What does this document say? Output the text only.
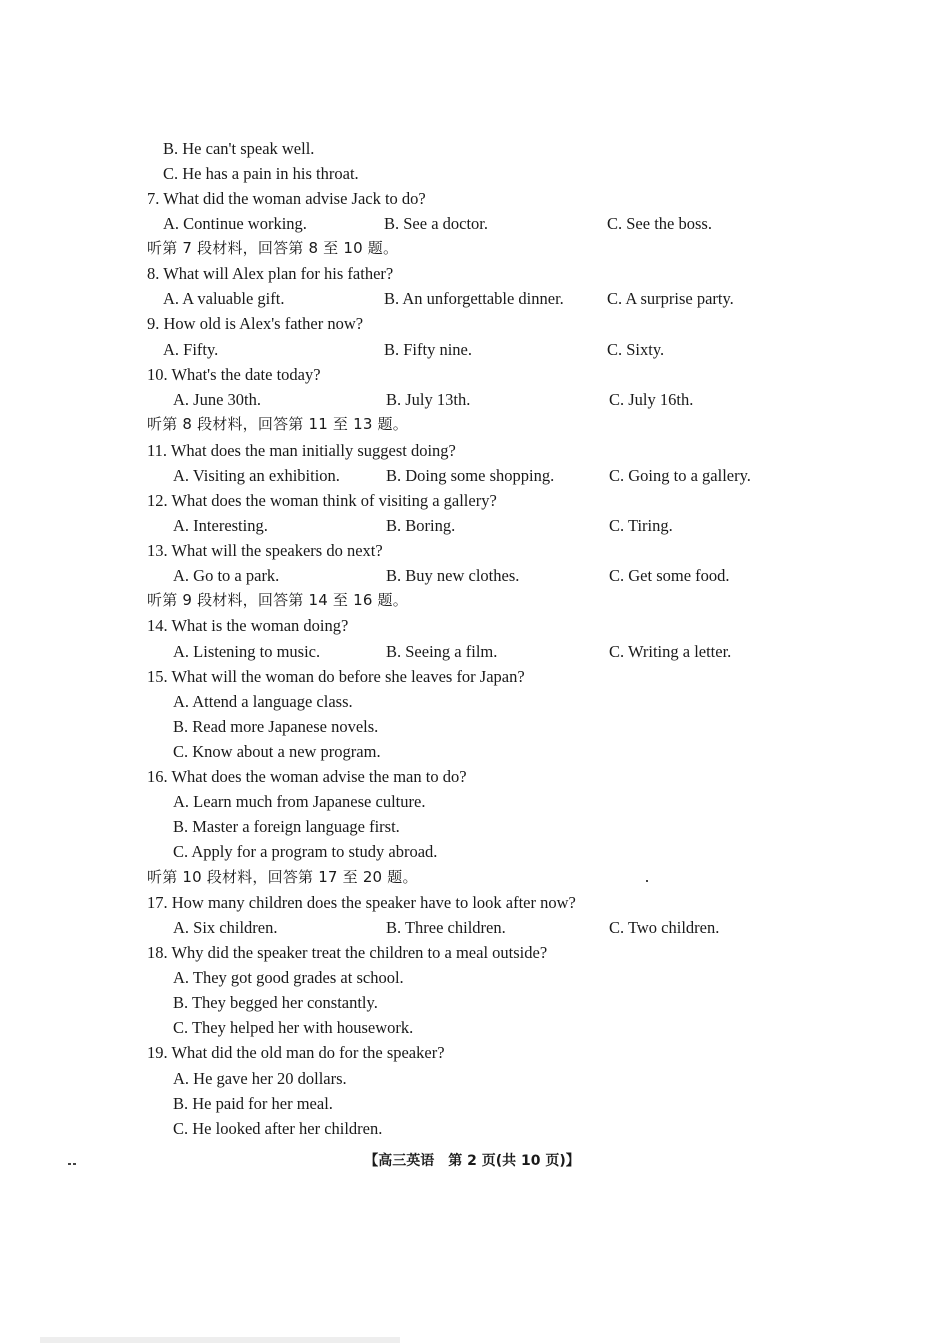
B. He can't speak well.
C. He has a pain in his throat.
7. What did the woman advise Jack to do?
A. Continue working.	B. See a doctor.	C. See the boss.
听第 7 段材料，回答第 8 至 10 题。
8. What will Alex plan for his father?
A. A valuable gift.	B. An unforgettable dinner.	C. A surprise party.
9. How old is Alex's father now?
A. Fifty.	B. Fifty nine.	C. Sixty.
10. What's the date today?
A. June 30th.	B. July 13th.	C. July 16th.
听第 8 段材料，回答第 11 至 13 题。
11. What does the man initially suggest doing?
A. Visiting an exhibition.	B. Doing some shopping.	C. Going to a gallery.
12. What does the woman think of visiting a gallery?
A. Interesting.	B. Boring.	C. Tiring.
13. What will the speakers do next?
A. Go to a park.	B. Buy new clothes.	C. Get some food.
听第 9 段材料，回答第 14 至 16 题。
14. What is the woman doing?
A. Listening to music.	B. Seeing a film.	C. Writing a letter.
15. What will the woman do before she leaves for Japan?
A. Attend a language class.
B. Read more Japanese novels.
C. Know about a new program.
16. What does the woman advise the man to do?
A. Learn much from Japanese culture.
B. Master a foreign language first.
C. Apply for a program to study abroad.
听第 10 段材料，回答第 17 至 20 题。
17. How many children does the speaker have to look after now?
A. Six children.	B. Three children.	C. Two children.
18. Why did the speaker treat the children to a meal outside?
A. They got good grades at school.
B. They begged her constantly.
C. They helped her with housework.
19. What did the old man do for the speaker?
A. He gave her 20 dollars.
B. He paid for her meal.
C. He looked after her children.
【高三英语　第 2 页(共 10 页)】
